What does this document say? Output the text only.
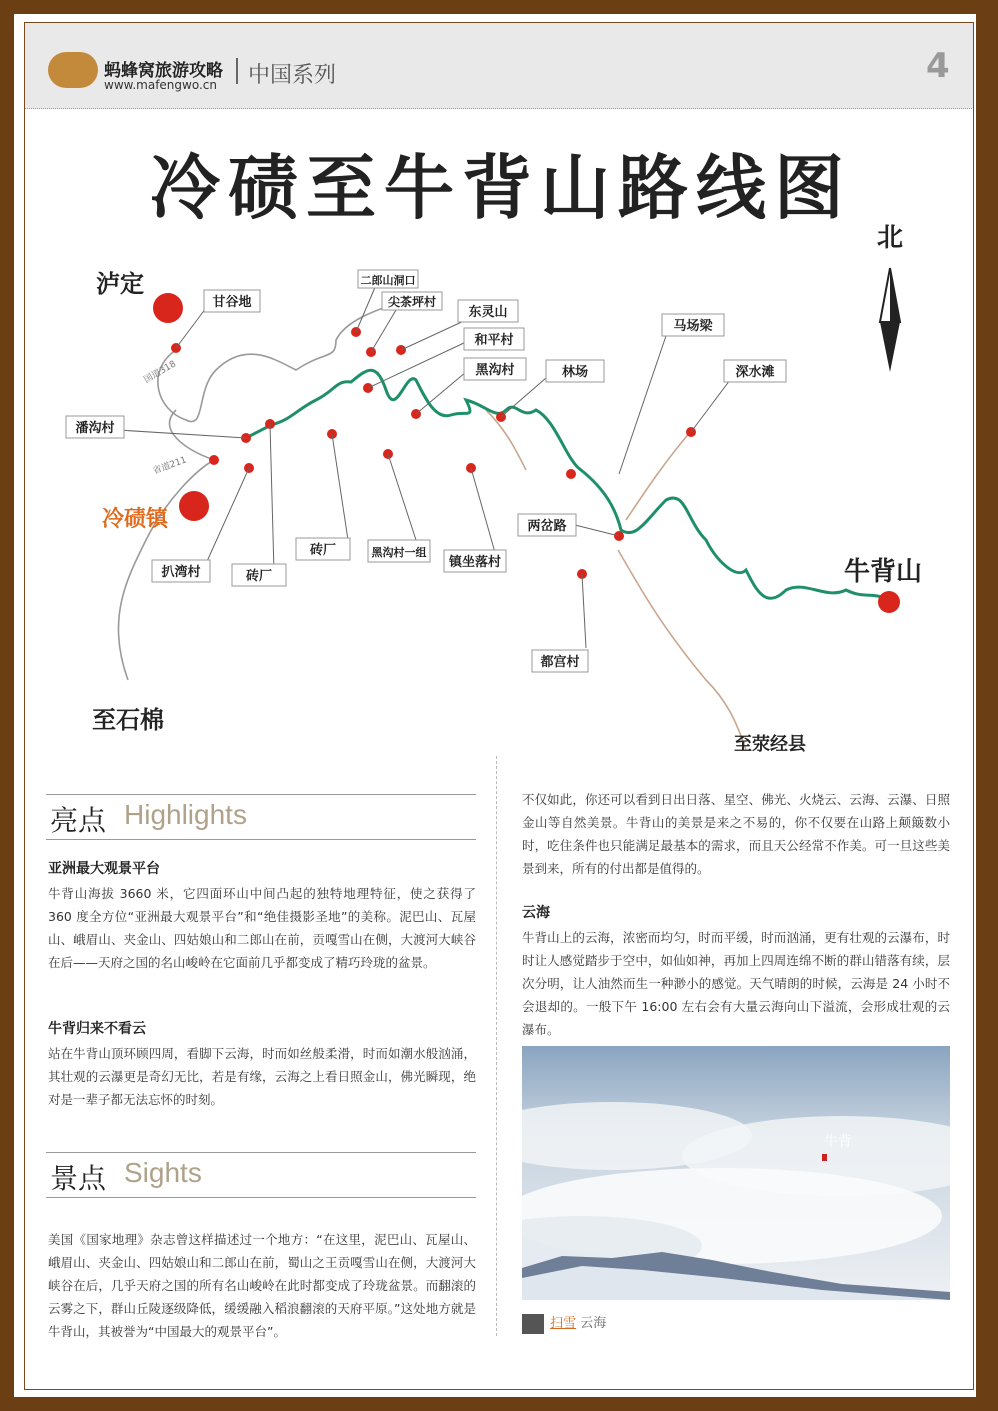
蚂蜂窝旅游攻略
www.mafengwo.cn 中国系列	4
冷碛至牛背山路线图
北
泸定
冷碛镇
牛背山
甘谷地
二郎山洞口
尖茶坪村
东灵山
和平村
黑沟村	林场
马场梁
深水滩
潘沟村
两岔路
砖厂	黑沟村一组
镇坐落村
扒湾村	砖厂
都宫村
国道318
省道211
至石棉
至荥经县
亮点 Highlights
亚洲最大观景平台

牛背山海拔 3660 米，它四面环山中间凸起的独特地理特征，使之获得了 360 度全方位“亚洲最大观景平台”和“绝佳摄影圣地”的美称。泥巴山、瓦屋山、峨眉山、夹金山、四姑娘山和二郎山在前，贡嘎雪山在侧，大渡河大峡谷在后——天府之国的名山峻岭在它面前几乎都变成了精巧玲珑的盆景。

牛背归来不看云

站在牛背山顶环顾四周，看脚下云海，时而如丝般柔滑，时而如潮水般汹涌，其壮观的云瀑更是奇幻无比，若是有缘，云海之上看日照金山，佛光瞬现，绝对是一辈子都无法忘怀的时刻。

景点 Sights

美国《国家地理》杂志曾这样描述过一个地方：“在这里，泥巴山、瓦屋山、峨眉山、夹金山、四姑娘山和二郎山在前，蜀山之王贡嘎雪山在侧，大渡河大峡谷在后，几乎天府之国的所有名山峻岭在此时都变成了玲珑盆景。而翻滚的云雾之下，群山丘陵逐级降低，缓缓融入稻浪翻滚的天府平原。”这处地方就是牛背山，其被誉为“中国最大的观景平台”。

不仅如此，你还可以看到日出日落、星空、佛光、火烧云、云海、云瀑、日照金山等自然美景。牛背山的美景是来之不易的，你不仅要在山路上颠簸数小时，吃住条件也只能满足最基本的需求，而且天公经常不作美。可一旦这些美景到来，所有的付出都是值得的。

云海

牛背山上的云海，浓密而均匀，时而平缓，时而汹涌，更有壮观的云瀑布，时时让人感觉踏步于空中，如仙如神，再加上四周连绵不断的群山错落有续，层次分明，让人油然而生一种渺小的感觉。天气晴朗的时候，云海是 24 小时不会退却的。一般下午 16:00 左右会有大量云海向山下溢流，会形成壮观的云瀑布。

牛背
扫雪 云海
